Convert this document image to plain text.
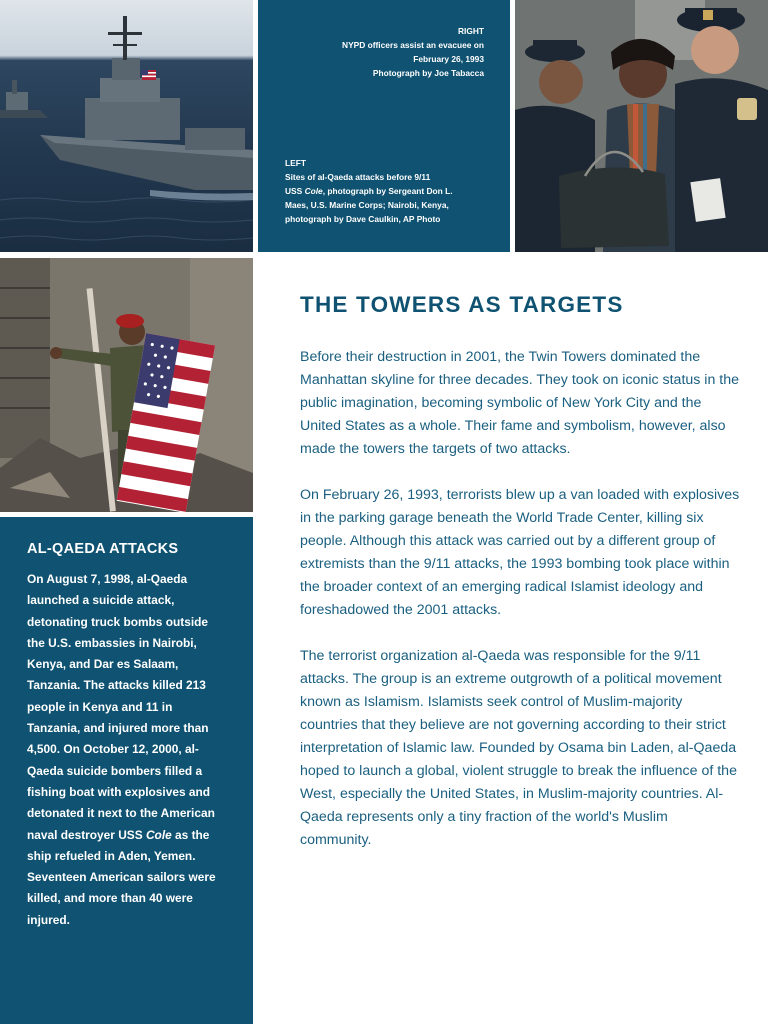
RIGHT
NYPD officers assist an evacuee on
February 26, 1993
Photograph by Joe Tabacca
LEFT
Sites of al-Qaeda attacks before 9/11
USS Cole, photograph by Sergeant Don L.
Maes, U.S. Marine Corps; Nairobi, Kenya,
photograph by Dave Caulkin, AP Photo
AL-QAEDA ATTACKS

On August 7, 1998, al-Qaeda launched a suicide attack, detonating truck bombs outside the U.S. embassies in Nairobi, Kenya, and Dar es Salaam, Tanzania. The attacks killed 213 people in Kenya and 11 in Tanzania, and injured more than 4,500. On October 12, 2000, al-Qaeda suicide bombers filled a fishing boat with explosives and detonated it next to the American naval destroyer USS Cole as the ship refueled in Aden, Yemen. Seventeen American sailors were killed, and more than 40 were injured.

THE TOWERS AS TARGETS

Before their destruction in 2001, the Twin Towers dominated the Manhattan skyline for three decades. They took on iconic status in the public imagination, becoming symbolic of New York City and the United States as a whole. Their fame and symbolism, however, also made the towers the targets of two attacks.

On February 26, 1993, terrorists blew up a van loaded with explosives in the parking garage beneath the World Trade Center, killing six people. Although this attack was carried out by a different group of extremists than the 9/11 attacks, the 1993 bombing took place within the broader context of an emerging radical Islamist ideology and foreshadowed the 2001 attacks.

The terrorist organization al-Qaeda was responsible for the 9/11 attacks. The group is an extreme outgrowth of a political movement known as Islamism. Islamists seek control of Muslim-majority countries that they believe are not governing according to their strict interpretation of Islamic law. Founded by Osama bin Laden, al-Qaeda hoped to launch a global, violent struggle to break the influence of the West, especially the United States, in Muslim-majority countries. Al-Qaeda represents only a tiny fraction of the world's Muslim community.
